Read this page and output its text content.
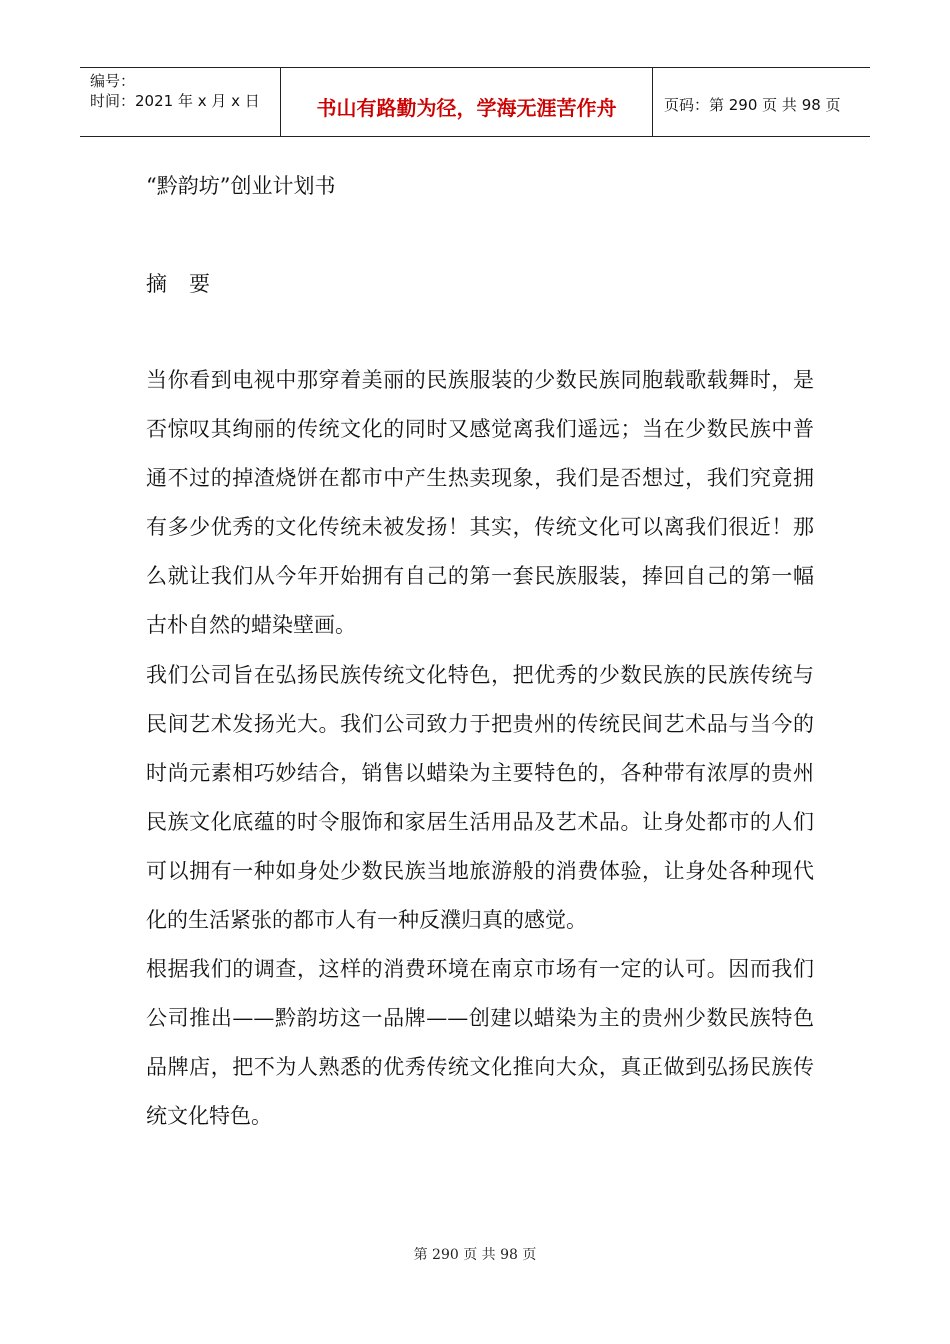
编号：
时间：2021 年 x 月 x 日	书山有路勤为径，学海无涯苦作舟	页码：第 290 页 共 98 页
“黔韵坊”创业计划书
摘要

当你看到电视中那穿着美丽的民族服装的少数民族同胞载歌载舞时，是否惊叹其绚丽的传统文化的同时又感觉离我们遥远；当在少数民族中普通不过的掉渣烧饼在都市中产生热卖现象，我们是否想过，我们究竟拥有多少优秀的文化传统未被发扬！其实，传统文化可以离我们很近！那么就让我们从今年开始拥有自己的第一套民族服装，捧回自己的第一幅古朴自然的蜡染壁画。

我们公司旨在弘扬民族传统文化特色，把优秀的少数民族的民族传统与民间艺术发扬光大。我们公司致力于把贵州的传统民间艺术品与当今的时尚元素相巧妙结合，销售以蜡染为主要特色的，各种带有浓厚的贵州民族文化底蕴的时令服饰和家居生活用品及艺术品。让身处都市的人们可以拥有一种如身处少数民族当地旅游般的消费体验，让身处各种现代化的生活紧张的都市人有一种反濮归真的感觉。

根据我们的调查，这样的消费环境在南京市场有一定的认可。因而我们公司推出——黔韵坊这一品牌——创建以蜡染为主的贵州少数民族特色品牌店，把不为人熟悉的优秀传统文化推向大众，真正做到弘扬民族传统文化特色。

第 290 页 共 98 页
